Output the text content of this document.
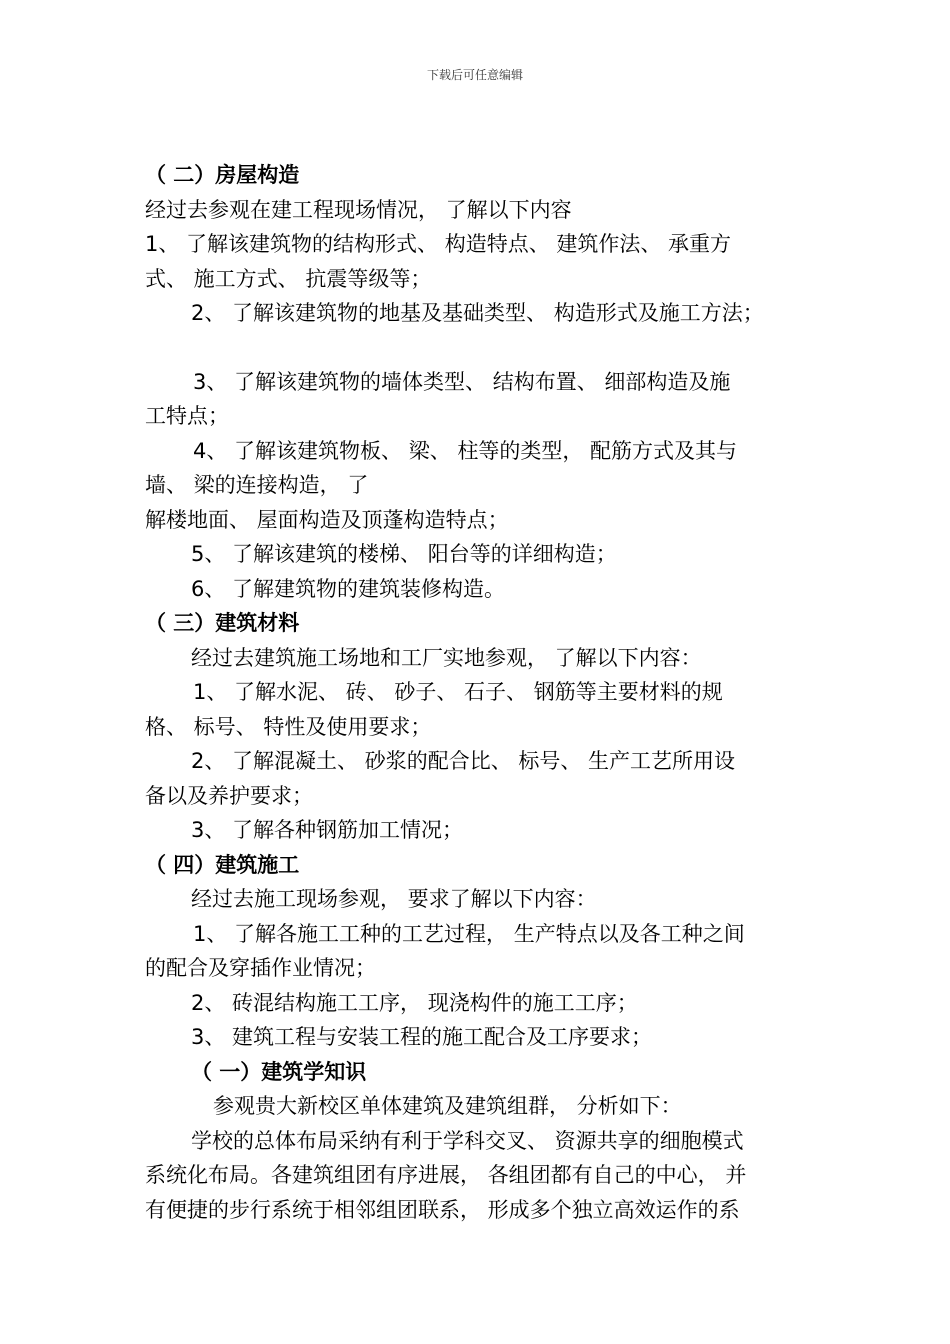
下载后可任意编辑
（ 二）房屋构造
经过去参观在建工程现场情况， 了解以下内容
1、 了解该建筑物的结构形式、 构造特点、 建筑作法、 承重方
式、 施工方式、 抗震等级等；
2、 了解该建筑物的地基及基础类型、 构造形式及施工方法；
3、 了解该建筑物的墙体类型、 结构布置、 细部构造及施
工特点；
4、 了解该建筑物板、 梁、 柱等的类型， 配筋方式及其与
墙、 梁的连接构造， 了
解楼地面、 屋面构造及顶蓬构造特点；
5、 了解该建筑的楼梯、 阳台等的详细构造；
6、 了解建筑物的建筑装修构造。
（ 三）建筑材料
经过去建筑施工场地和工厂实地参观， 了解以下内容：
1、 了解水泥、 砖、 砂子、 石子、 钢筋等主要材料的规
格、 标号、 特性及使用要求；
2、 了解混凝土、 砂浆的配合比、 标号、 生产工艺所用设
备以及养护要求；
3、 了解各种钢筋加工情况；
（ 四）建筑施工
经过去施工现场参观， 要求了解以下内容：
1、 了解各施工工种的工艺过程， 生产特点以及各工种之间
的配合及穿插作业情况；
2、 砖混结构施工工序， 现浇构件的施工工序；
3、 建筑工程与安装工程的施工配合及工序要求；
（ 一）建筑学知识
参观贵大新校区单体建筑及建筑组群， 分析如下：
学校的总体布局采纳有利于学科交叉、 资源共享的细胞模式
系统化布局。各建筑组团有序进展， 各组团都有自己的中心， 并
有便捷的步行系统于相邻组团联系， 形成多个独立高效运作的系
